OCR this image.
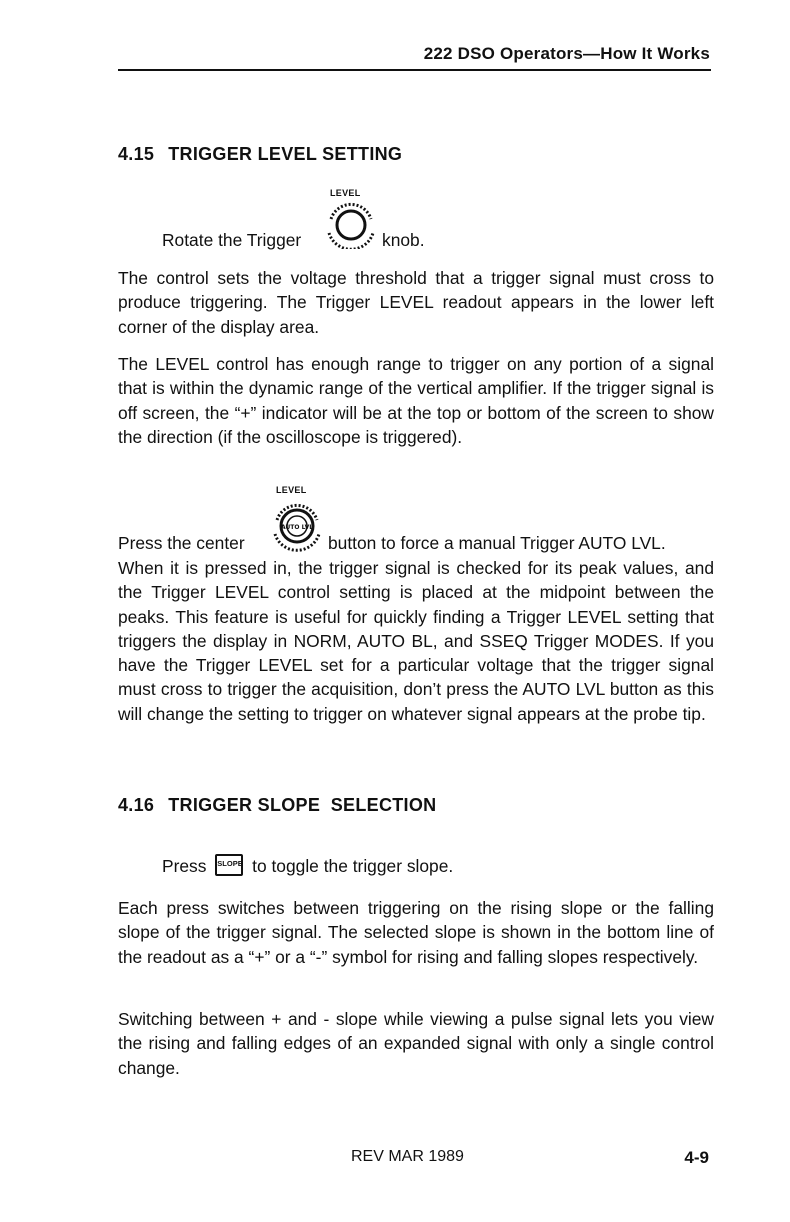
222 DSO Operators—How It Works
4.15 TRIGGER LEVEL SETTING
LEVEL
Rotate the Trigger	knob.

The control sets the voltage threshold that a trigger signal must cross to produce triggering. The Trigger LEVEL readout appears in the lower left corner of the display area.

The LEVEL control has enough range to trigger on any portion of a signal that is within the dynamic range of the vertical amplifier. If the trigger signal is off screen, the “+” indicator will be at the top or bottom of the screen to show the direction (if the oscilloscope is triggered).

LEVEL
AUTO LVL
Press the center	button to force a manual Trigger AUTO LVL.

When it is pressed in, the trigger signal is checked for its peak values, and the Trigger LEVEL control setting is placed at the midpoint between the peaks. This feature is useful for quickly finding a Trigger LEVEL setting that triggers the display in NORM, AUTO BL, and SSEQ Trigger MODES. If you have the Trigger LEVEL set for a particular voltage that the trigger signal must cross to trigger the acquisition, don’t press the AUTO LVL button as this will change the setting to trigger on whatever signal appears at the probe tip.

4.16 TRIGGER SLOPE  SELECTION
Press SLOPE to toggle the trigger slope.

Each press switches between triggering on the rising slope or the falling slope of the trigger signal. The selected slope is shown in the bottom line of the readout as a “+” or a “-” symbol for rising and falling slopes respectively.

Switching between + and - slope while viewing a pulse signal lets you view the rising and falling edges of an expanded signal with only a single control change.

REV MAR 1989	4-9
